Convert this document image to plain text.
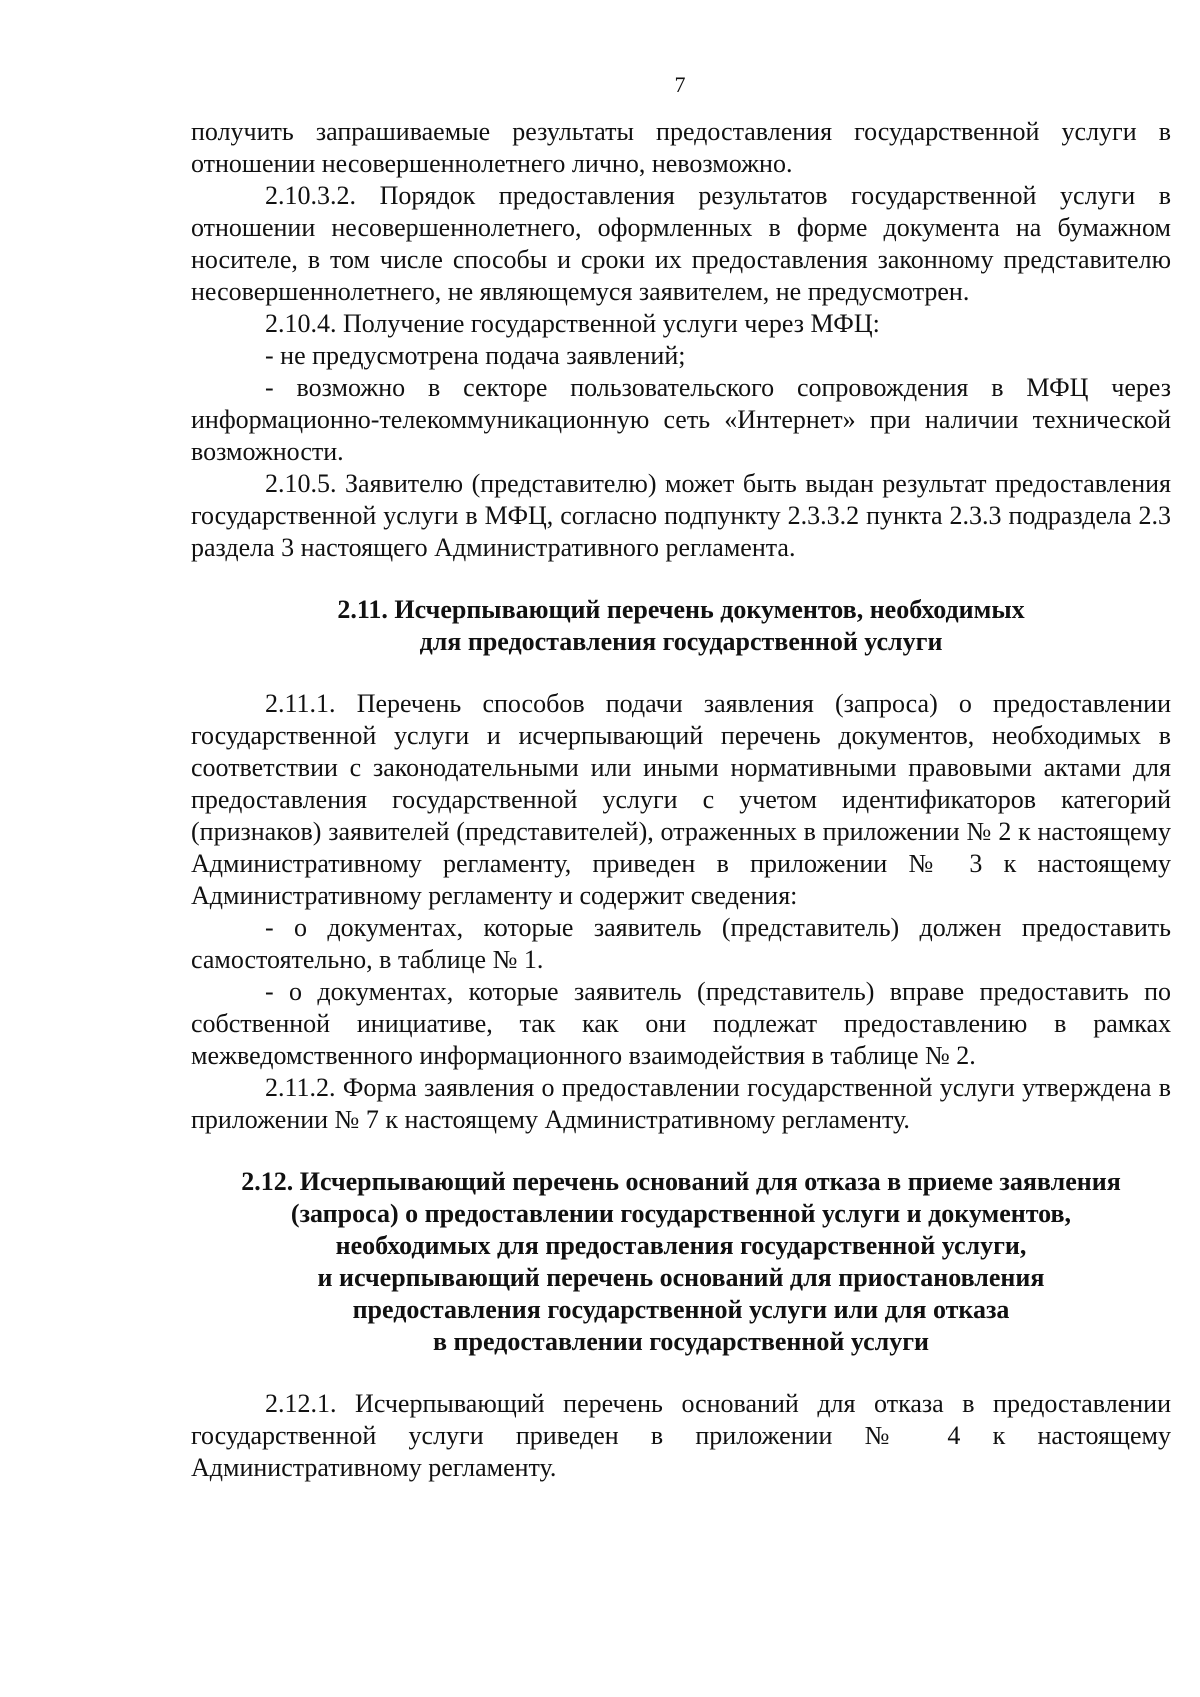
7

получить запрашиваемые результаты предоставления государственной услуги в отношении несовершеннолетнего лично, невозможно.

2.10.3.2. Порядок предоставления результатов государственной услуги в отношении несовершеннолетнего, оформленных в форме документа на бумажном носителе, в том числе способы и сроки их предоставления законному представителю несовершеннолетнего, не являющемуся заявителем, не предусмотрен.

2.10.4. Получение государственной услуги через МФЦ:

- не предусмотрена подача заявлений;

- возможно в секторе пользовательского сопровождения в МФЦ через информационно-телекоммуникационную сеть «Интернет» при наличии технической возможности.

2.10.5. Заявителю (представителю) может быть выдан результат предоставления государственной услуги в МФЦ, согласно подпункту 2.3.3.2 пункта 2.3.3 подраздела 2.3 раздела 3 настоящего Административного регламента.

2.11. Исчерпывающий перечень документов, необходимых
для предоставления государственной услуги

2.11.1. Перечень способов подачи заявления (запроса) о предоставлении государственной услуги и исчерпывающий перечень документов, необходимых в соответствии с законодательными или иными нормативными правовыми актами для предоставления государственной услуги с учетом идентификаторов категорий (признаков) заявителей (представителей), отраженных в приложении № 2 к настоящему Административному регламенту, приведен в приложении № 3 к настоящему Административному регламенту и содержит сведения:

- о документах, которые заявитель (представитель) должен предоставить самостоятельно, в таблице № 1.

- о документах, которые заявитель (представитель) вправе предоставить по собственной инициативе, так как они подлежат предоставлению в рамках межведомственного информационного взаимодействия в таблице № 2.

2.11.2. Форма заявления о предоставлении государственной услуги утверждена в приложении № 7 к настоящему Административному регламенту.

2.12. Исчерпывающий перечень оснований для отказа в приеме заявления
(запроса) о предоставлении государственной услуги и документов,
необходимых для предоставления государственной услуги,
и исчерпывающий перечень оснований для приостановления
предоставления государственной услуги или для отказа
в предоставлении государственной услуги

2.12.1. Исчерпывающий перечень оснований для отказа в предоставлении государственной услуги приведен в приложении № 4 к настоящему Административному регламенту.
